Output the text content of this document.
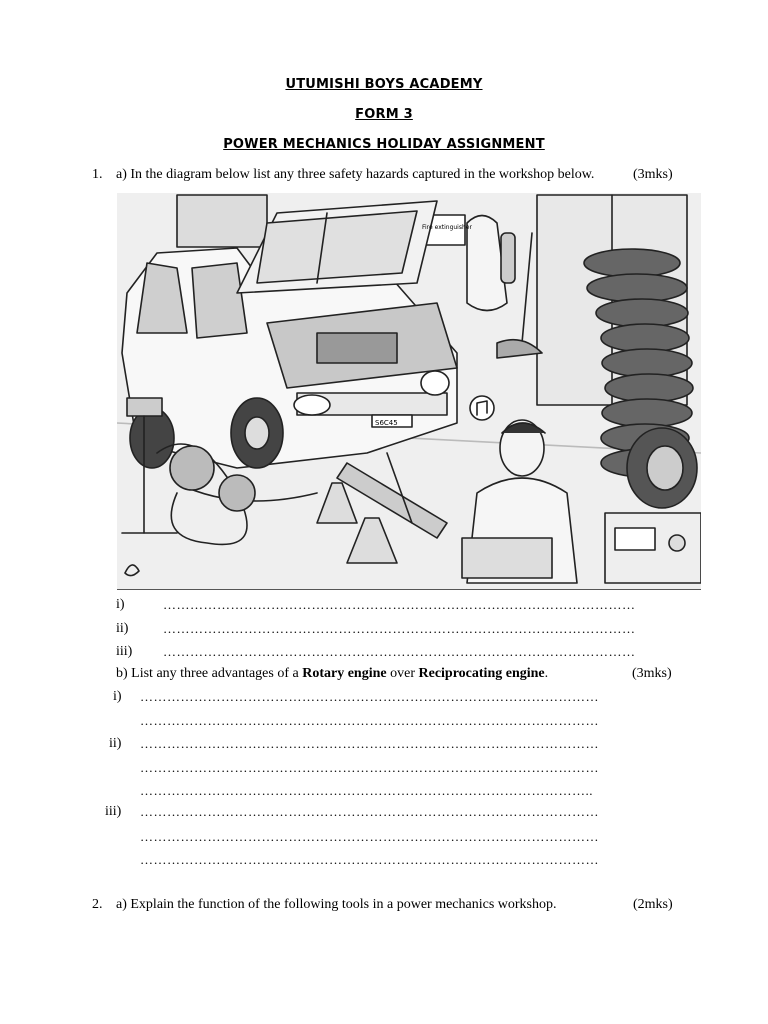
UTUMISHI BOYS ACADEMY
FORM 3
POWER MECHANICS HOLIDAY ASSIGNMENT
1. a) In the diagram below list any three safety hazards captured in the workshop below.	(3mks)
Fire extinguisher
S6C45
i)	……………………………………………………………………………………………
ii)	……………………………………………………………………………………………
iii) ……………………………………………………………………………………………
b) List any three advantages of a Rotary engine over Reciprocating engine.	(3mks)
i) …………………………………………………………………………………………
…………………………………………………………………………………………
ii) …………………………………………………………………………………………
…………………………………………………………………………………………
………………………………………………………………………………………..
iii) …………………………………………………………………………………………
…………………………………………………………………………………………
…………………………………………………………………………………………
2. a) Explain the function of the following tools in a power mechanics workshop.	(2mks)
